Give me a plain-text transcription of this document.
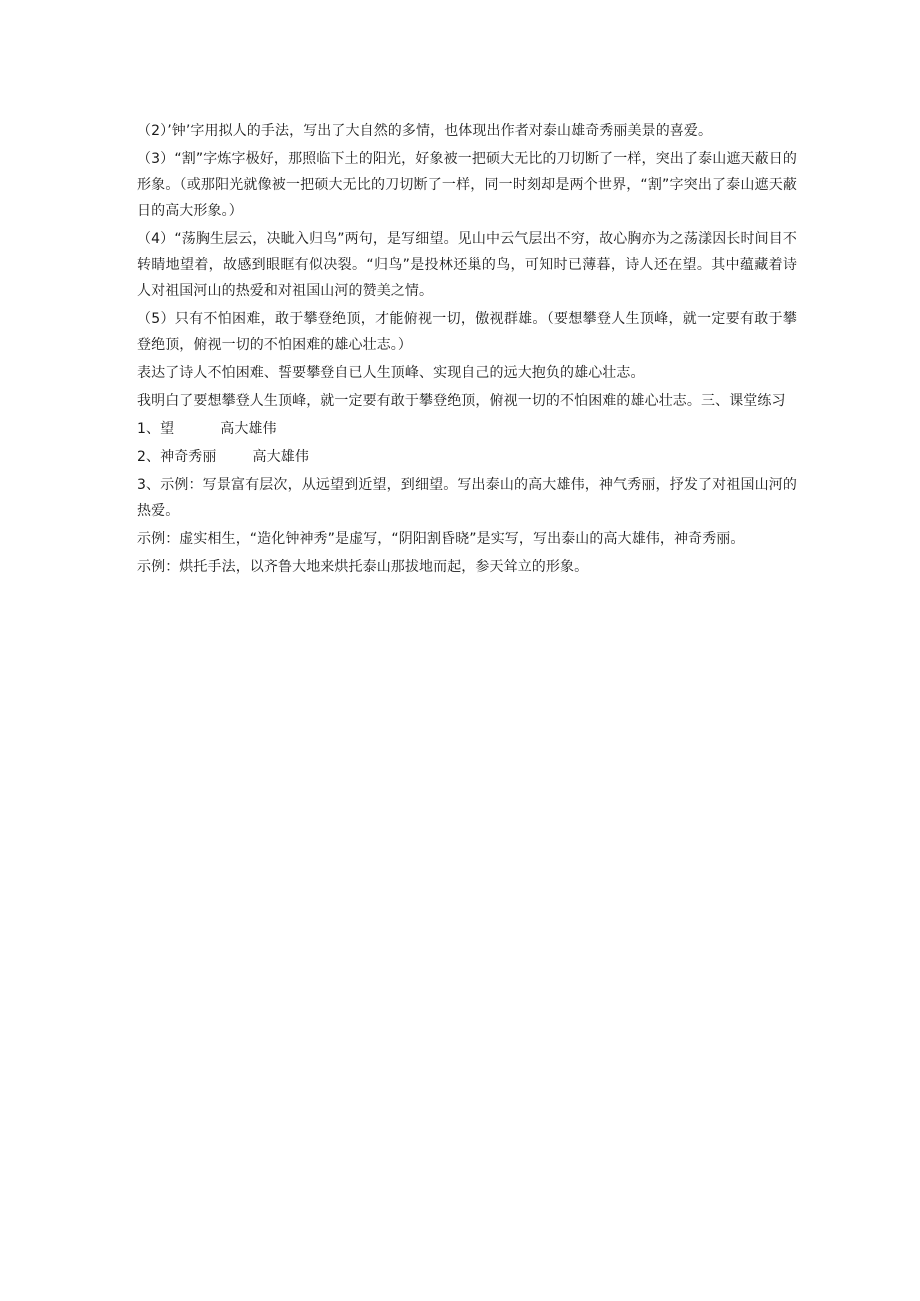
（2）’钟’字用拟人的手法，写出了大自然的多情，也体现出作者对泰山雄奇秀丽美景的喜爱。

（3）“割”字炼字极好，那照临下土的阳光，好象被一把硕大无比的刀切断了一样，突出了泰山遮天蔽日的形象。（或那阳光就像被一把硕大无比的刀切断了一样，同一时刻却是两个世界，“割”字突出了泰山遮天蔽日的高大形象。）

（4）“荡胸生层云，决眦入归鸟”两句，是写细望。见山中云气层出不穷，故心胸亦为之荡漾因长时间目不转睛地望着，故感到眼眶有似决裂。“归鸟”是投林还巢的鸟，可知时已薄暮，诗人还在望。其中蕴藏着诗人对祖国河山的热爱和对祖国山河的赞美之情。

（5）只有不怕困难，敢于攀登绝顶，才能俯视一切，傲视群雄。（要想攀登人生顶峰，就一定要有敢于攀登绝顶，俯视一切的不怕困难的雄心壮志。）

表达了诗人不怕困难、誓要攀登自已人生顶峰、实现自己的远大抱负的雄心壮志。

我明白了要想攀登人生顶峰，就一定要有敢于攀登绝顶，俯视一切的不怕困难的雄心壮志。三、课堂练习

1、望	高大雄伟

2、神奇秀丽	高大雄伟

3、示例：写景富有层次，从远望到近望，到细望。写出泰山的高大雄伟，神气秀丽，抒发了对祖国山河的热爱。

示例：虚实相生，“造化钟神秀”是虚写，“阴阳割昏晓”是实写，写出泰山的高大雄伟，神奇秀丽。

示例：烘托手法，以齐鲁大地来烘托泰山那拔地而起，参天耸立的形象。
